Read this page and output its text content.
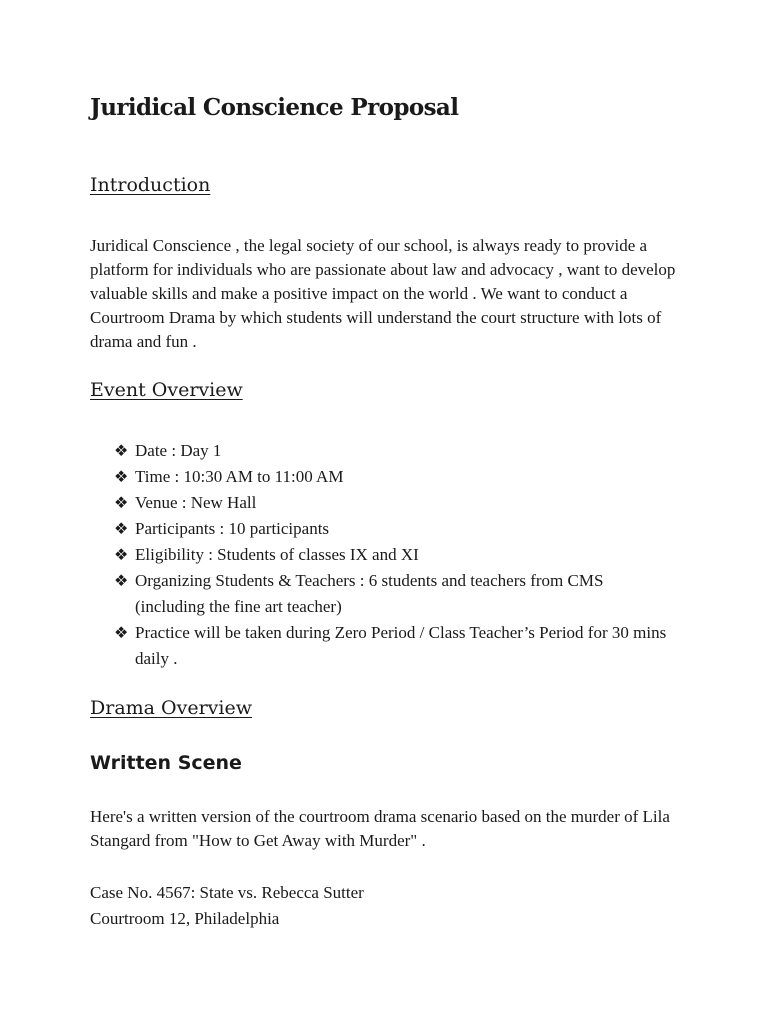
Juridical Conscience Proposal
Introduction

Juridical Conscience , the legal society of our school, is always ready to provide a platform for individuals who are passionate about law and advocacy , want to develop valuable skills and make a positive impact on the world . We want to conduct a Courtroom Drama by which students will understand the court structure with lots of drama and fun .

Event Overview
❖ Date : Day 1
❖ Time : 10:30 AM to 11:00 AM
❖ Venue : New Hall
❖ Participants : 10 participants
❖ Eligibility : Students of classes IX and XI
❖ Organizing Students & Teachers : 6 students and teachers from CMS (including the fine art teacher)
❖ Practice will be taken during Zero Period / Class Teacher’s Period for 30 mins daily .
Drama Overview
Written Scene

Here's a written version of the courtroom drama scenario based on the murder of Lila Stangard from "How to Get Away with Murder" .

Case No. 4567: State vs. Rebecca Sutter

Courtroom 12, Philadelphia
